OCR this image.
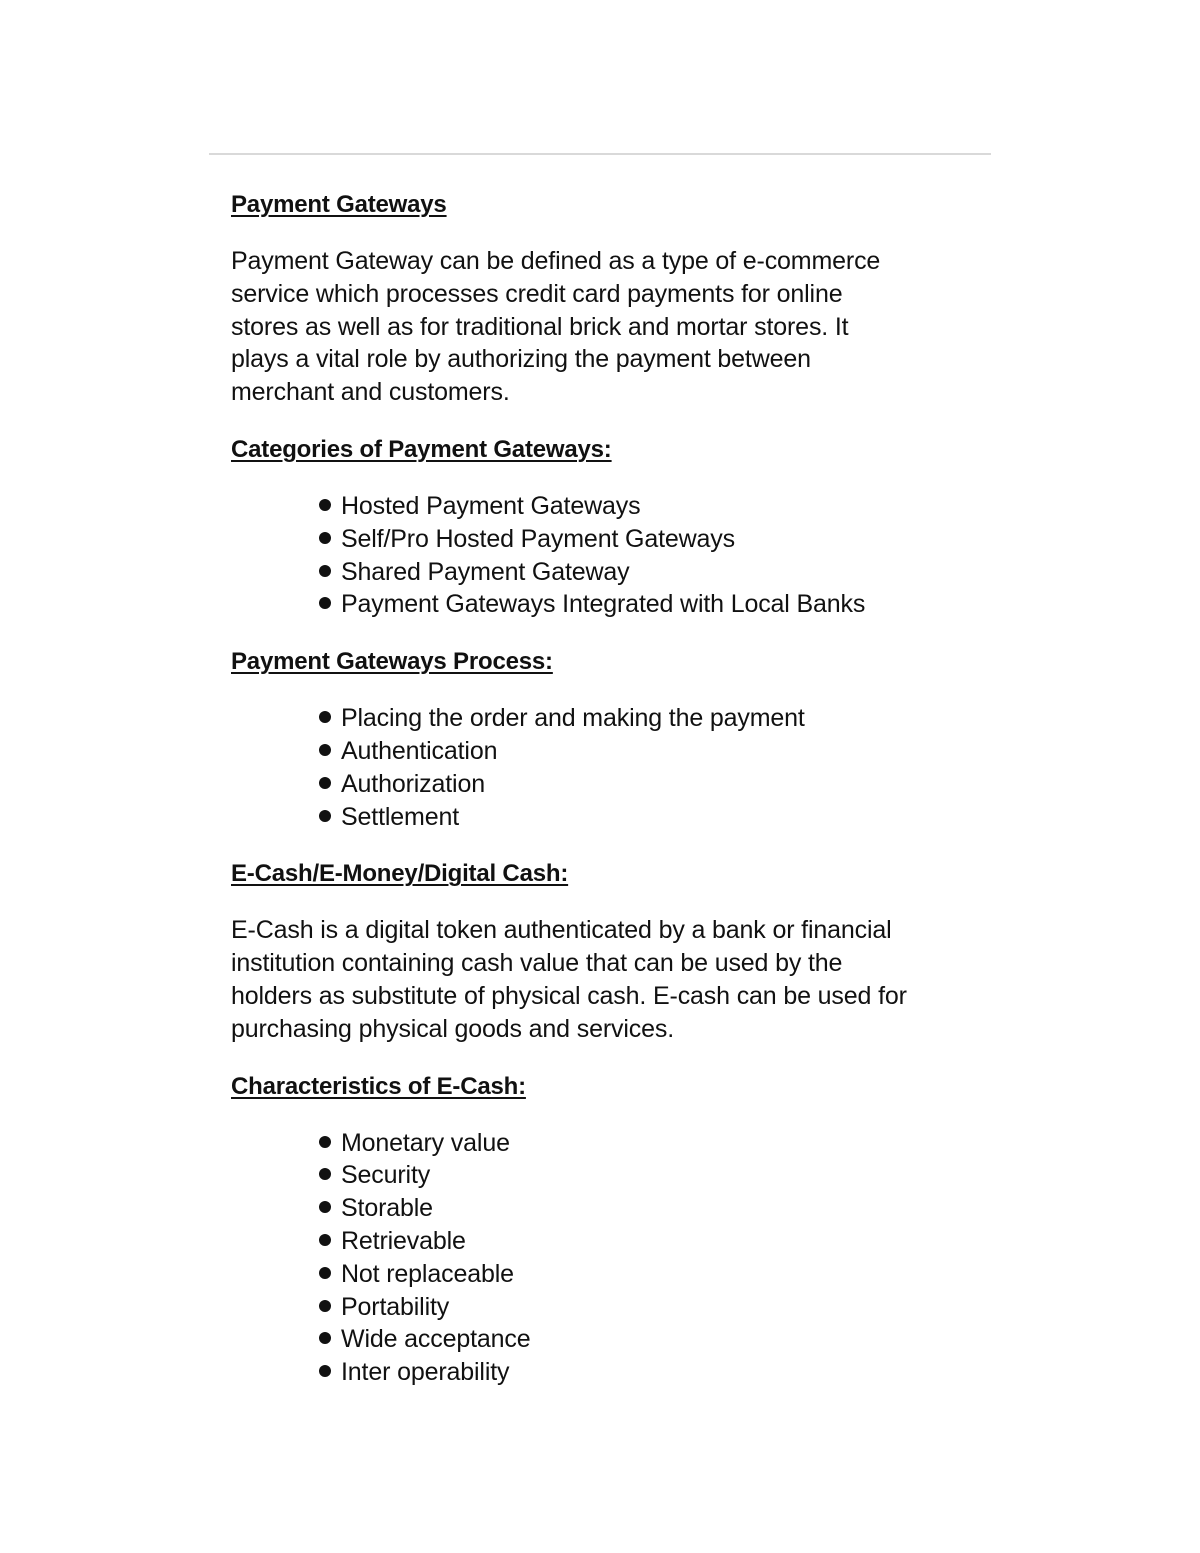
Payment Gateways

Payment Gateway can be defined as a type of e-commerce

service which processes credit card payments for online

stores as well as for traditional brick and mortar stores. It

plays a vital role by authorizing the payment between

merchant and customers.

Categories of Payment Gateways:
Hosted Payment Gateways
Self/Pro Hosted Payment Gateways
Shared Payment Gateway
Payment Gateways Integrated with Local Banks
Payment Gateways Process:
Placing the order and making the payment
Authentication
Authorization
Settlement
E-Cash/E-Money/Digital Cash:

E-Cash is a digital token authenticated by a bank or financial

institution containing cash value that can be used by the

holders as substitute of physical cash. E-cash can be used for

purchasing physical goods and services.

Characteristics of E-Cash:
Monetary value
Security
Storable
Retrievable
Not replaceable
Portability
Wide acceptance
Inter operability
